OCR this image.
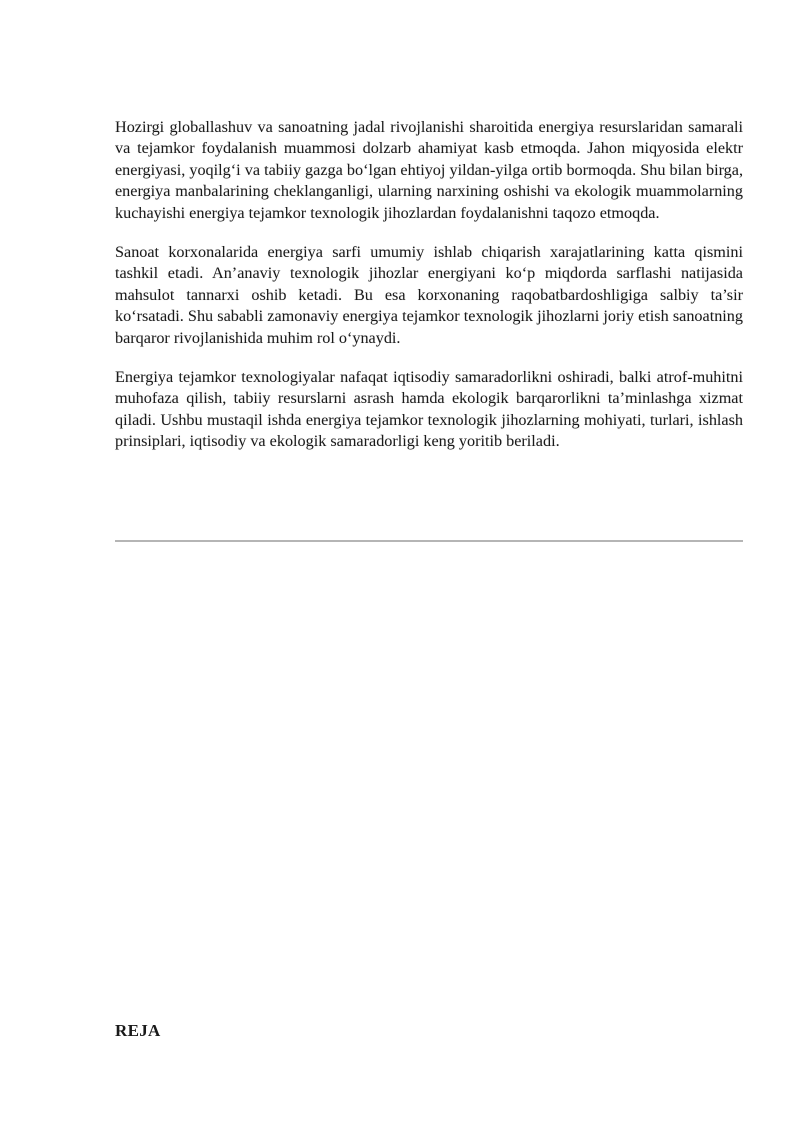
Hozirgi globallashuv va sanoatning jadal rivojlanishi sharoitida energiya resurslaridan samarali va tejamkor foydalanish muammosi dolzarb ahamiyat kasb etmoqda. Jahon miqyosida elektr energiyasi, yoqilg‘i va tabiiy gazga bo‘lgan ehtiyoj yildan-yilga ortib bormoqda. Shu bilan birga, energiya manbalarining cheklanganligi, ularning narxining oshishi va ekologik muammolarning kuchayishi energiya tejamkor texnologik jihozlardan foydalanishni taqozo etmoqda.

Sanoat korxonalarida energiya sarfi umumiy ishlab chiqarish xarajatlarining katta qismini tashkil etadi. An’anaviy texnologik jihozlar energiyani ko‘p miqdorda sarflashi natijasida mahsulot tannarxi oshib ketadi. Bu esa korxonaning raqobatbardoshligiga salbiy ta’sir ko‘rsatadi. Shu sababli zamonaviy energiya tejamkor texnologik jihozlarni joriy etish sanoatning barqaror rivojlanishida muhim rol o‘ynaydi.

Energiya tejamkor texnologiyalar nafaqat iqtisodiy samaradorlikni oshiradi, balki atrof-muhitni muhofaza qilish, tabiiy resurslarni asrash hamda ekologik barqarorlikni ta’minlashga xizmat qiladi. Ushbu mustaqil ishda energiya tejamkor texnologik jihozlarning mohiyati, turlari, ishlash prinsiplari, iqtisodiy va ekologik samaradorligi keng yoritib beriladi.

REJA
